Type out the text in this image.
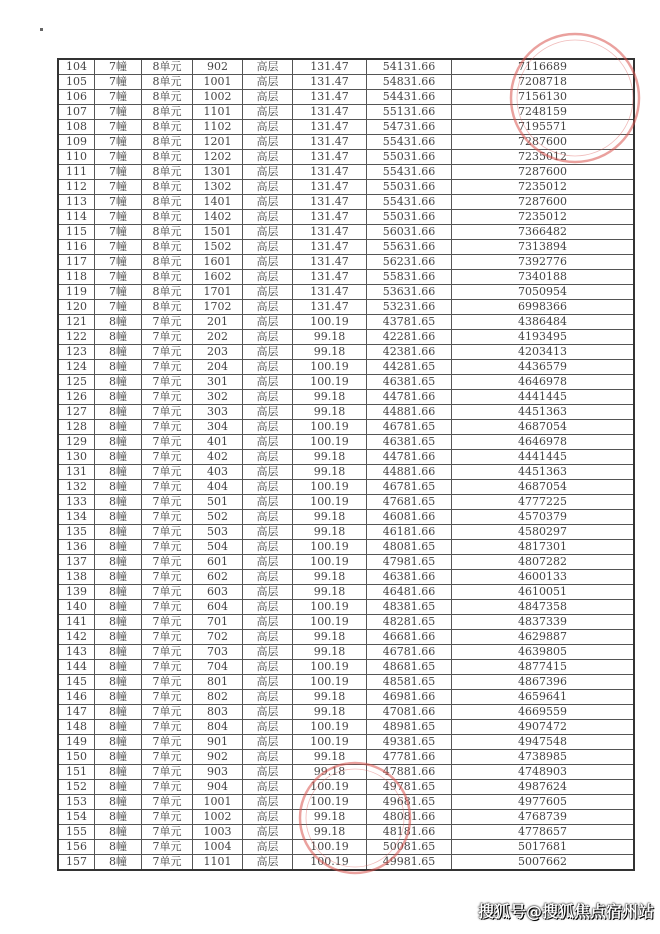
104	7幢	8单元	902	高层	131.47	54131.66	7116689
105	7幢	8单元	1001	高层	131.47	54831.66	7208718
106	7幢	8单元	1002	高层	131.47	54431.66	7156130
107	7幢	8单元	1101	高层	131.47	55131.66	7248159
108	7幢	8单元	1102	高层	131.47	54731.66	7195571
109	7幢	8单元	1201	高层	131.47	55431.66	7287600
110	7幢	8单元	1202	高层	131.47	55031.66	7235012
111	7幢	8单元	1301	高层	131.47	55431.66	7287600
112	7幢	8单元	1302	高层	131.47	55031.66	7235012
113	7幢	8单元	1401	高层	131.47	55431.66	7287600
114	7幢	8单元	1402	高层	131.47	55031.66	7235012
115	7幢	8单元	1501	高层	131.47	56031.66	7366482
116	7幢	8单元	1502	高层	131.47	55631.66	7313894
117	7幢	8单元	1601	高层	131.47	56231.66	7392776
118	7幢	8单元	1602	高层	131.47	55831.66	7340188
119	7幢	8单元	1701	高层	131.47	53631.66	7050954
120	7幢	8单元	1702	高层	131.47	53231.66	6998366
121	8幢	7单元	201	高层	100.19	43781.65	4386484
122	8幢	7单元	202	高层	99.18	42281.66	4193495
123	8幢	7单元	203	高层	99.18	42381.66	4203413
124	8幢	7单元	204	高层	100.19	44281.65	4436579
125	8幢	7单元	301	高层	100.19	46381.65	4646978
126	8幢	7单元	302	高层	99.18	44781.66	4441445
127	8幢	7单元	303	高层	99.18	44881.66	4451363
128	8幢	7单元	304	高层	100.19	46781.65	4687054
129	8幢	7单元	401	高层	100.19	46381.65	4646978
130	8幢	7单元	402	高层	99.18	44781.66	4441445
131	8幢	7单元	403	高层	99.18	44881.66	4451363
132	8幢	7单元	404	高层	100.19	46781.65	4687054
133	8幢	7单元	501	高层	100.19	47681.65	4777225
134	8幢	7单元	502	高层	99.18	46081.66	4570379
135	8幢	7单元	503	高层	99.18	46181.66	4580297
136	8幢	7单元	504	高层	100.19	48081.65	4817301
137	8幢	7单元	601	高层	100.19	47981.65	4807282
138	8幢	7单元	602	高层	99.18	46381.66	4600133
139	8幢	7单元	603	高层	99.18	46481.66	4610051
140	8幢	7单元	604	高层	100.19	48381.65	4847358
141	8幢	7单元	701	高层	100.19	48281.65	4837339
142	8幢	7单元	702	高层	99.18	46681.66	4629887
143	8幢	7单元	703	高层	99.18	46781.66	4639805
144	8幢	7单元	704	高层	100.19	48681.65	4877415
145	8幢	7单元	801	高层	100.19	48581.65	4867396
146	8幢	7单元	802	高层	99.18	46981.66	4659641
147	8幢	7单元	803	高层	99.18	47081.66	4669559
148	8幢	7单元	804	高层	100.19	48981.65	4907472
149	8幢	7单元	901	高层	100.19	49381.65	4947548
150	8幢	7单元	902	高层	99.18	47781.66	4738985
151	8幢	7单元	903	高层	99.18	47881.66	4748903
152	8幢	7单元	904	高层	100.19	49781.65	4987624
153	8幢	7单元	1001	高层	100.19	49681.65	4977605
154	8幢	7单元	1002	高层	99.18	48081.66	4768739
155	8幢	7单元	1003	高层	99.18	48181.66	4778657
156	8幢	7单元	1004	高层	100.19	50081.65	5017681
157	8幢	7单元	1101	高层	100.19	49981.65	5007662
搜狐号@搜狐焦点宿州站
